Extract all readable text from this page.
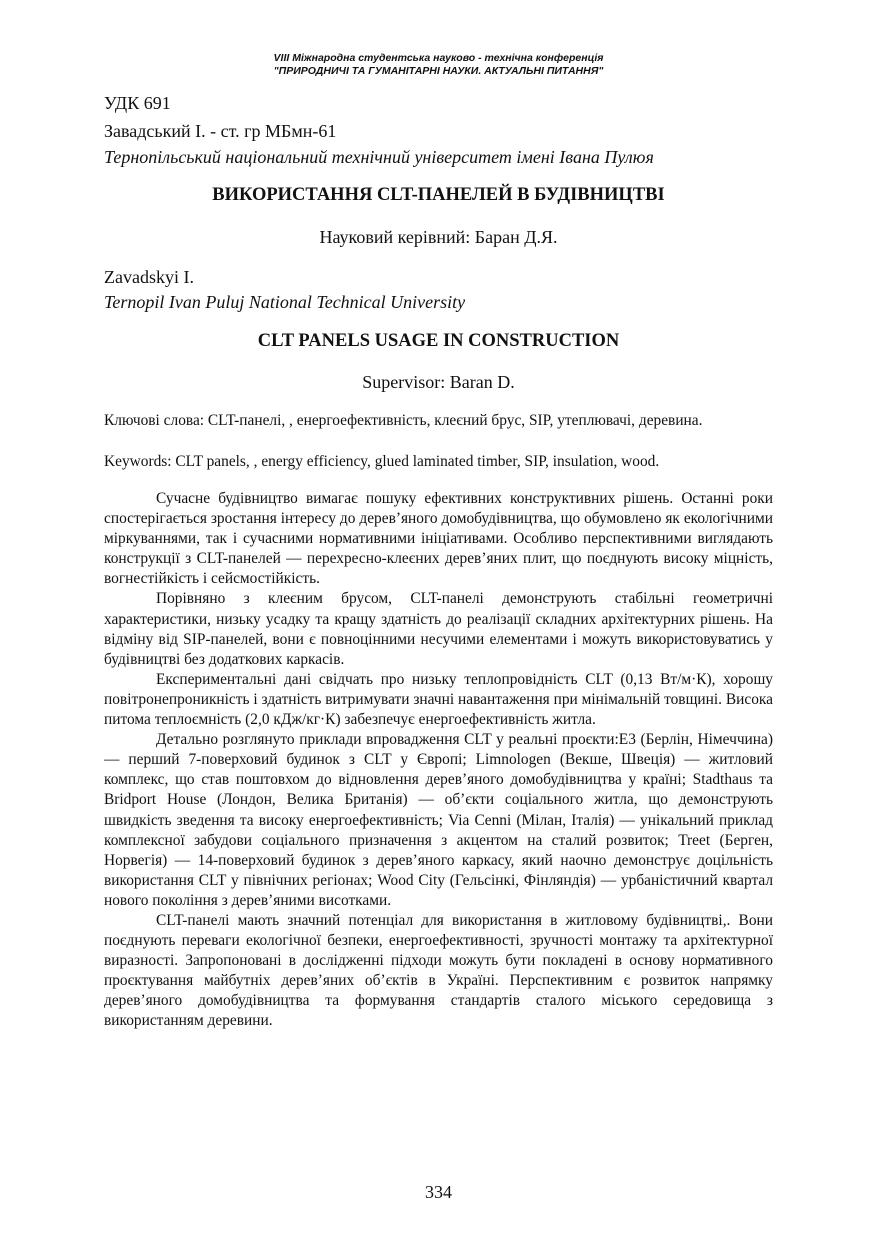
VIII Міжнародна студентська науково - технічна конференція
"ПРИРОДНИЧІ ТА ГУМАНІТАРНІ НАУКИ. АКТУАЛЬНІ ПИТАННЯ"
УДК 691
Завадський І. - ст. гр МБмн-61
Тернопільський національний технічний університет імені Івана Пулюя
ВИКОРИСТАННЯ CLT-ПАНЕЛЕЙ В БУДІВНИЦТВІ
Науковий керівний: Баран Д.Я.
Zavadskyi I.
Ternopil Ivan Puluj National Technical University
CLT PANELS USAGE IN CONSTRUCTION
Supervisor: Baran D.
Ключові слова: CLT-панелі, , енергоефективність, клеєний брус, SIP, утеплювачі, деревина.
Keywords: CLT panels, , energy efficiency, glued laminated timber, SIP, insulation, wood.

Сучасне будівництво вимагає пошуку ефективних конструктивних рішень. Останні роки спостерігається зростання інтересу до дерев’яного домобудівництва, що обумовлено як екологічними міркуваннями, так і сучасними нормативними ініціативами. Особливо перспективними виглядають конструкції з CLT-панелей — перехресно-клеєних дерев’яних плит, що поєднують високу міцність, вогнестійкість і сейсмостійкість.

Порівняно з клеєним брусом, CLT-панелі демонструють стабільні геометричні характеристики, низьку усадку та кращу здатність до реалізації складних архітектурних рішень. На відміну від SIP-панелей, вони є повноцінними несучими елементами і можуть використовуватись у будівництві без додаткових каркасів.

Експериментальні дані свідчать про низьку теплопровідність CLT (0,13 Вт/м·К), хорошу повітронепроникність і здатність витримувати значні навантаження при мінімальній товщині. Висока питома теплоємність (2,0 кДж/кг·К) забезпечує енергоефективність житла.

Детально розглянуто приклади впровадження CLT у реальні проєкти:E3 (Берлін, Німеччина) — перший 7-поверховий будинок з CLT у Європі; Limnologen (Векше, Швеція) — житловий комплекс, що став поштовхом до відновлення дерев’яного домобудівництва у країні; Stadthaus та Bridport House (Лондон, Велика Британія) — об’єкти соціального житла, що демонструють швидкість зведення та високу енергоефективність; Via Cenni (Мілан, Італія) — унікальний приклад комплексної забудови соціального призначення з акцентом на сталий розвиток; Treet (Берген, Норвегія) — 14-поверховий будинок з дерев’яного каркасу, який наочно демонструє доцільність використання CLT у північних регіонах; Wood City (Гельсінкі, Фінляндія) — урбаністичний квартал нового покоління з дерев’яними висотками.

CLT-панелі мають значний потенціал для використання в житловому будівництві,. Вони поєднують переваги екологічної безпеки, енергоефективності, зручності монтажу та архітектурної виразності. Запропоновані в дослідженні підходи можуть бути покладені в основу нормативного проєктування майбутніх дерев’яних об’єктів в Україні. Перспективним є розвиток напрямку дерев’яного домобудівництва та формування стандартів сталого міського середовища з використанням деревини.

334
